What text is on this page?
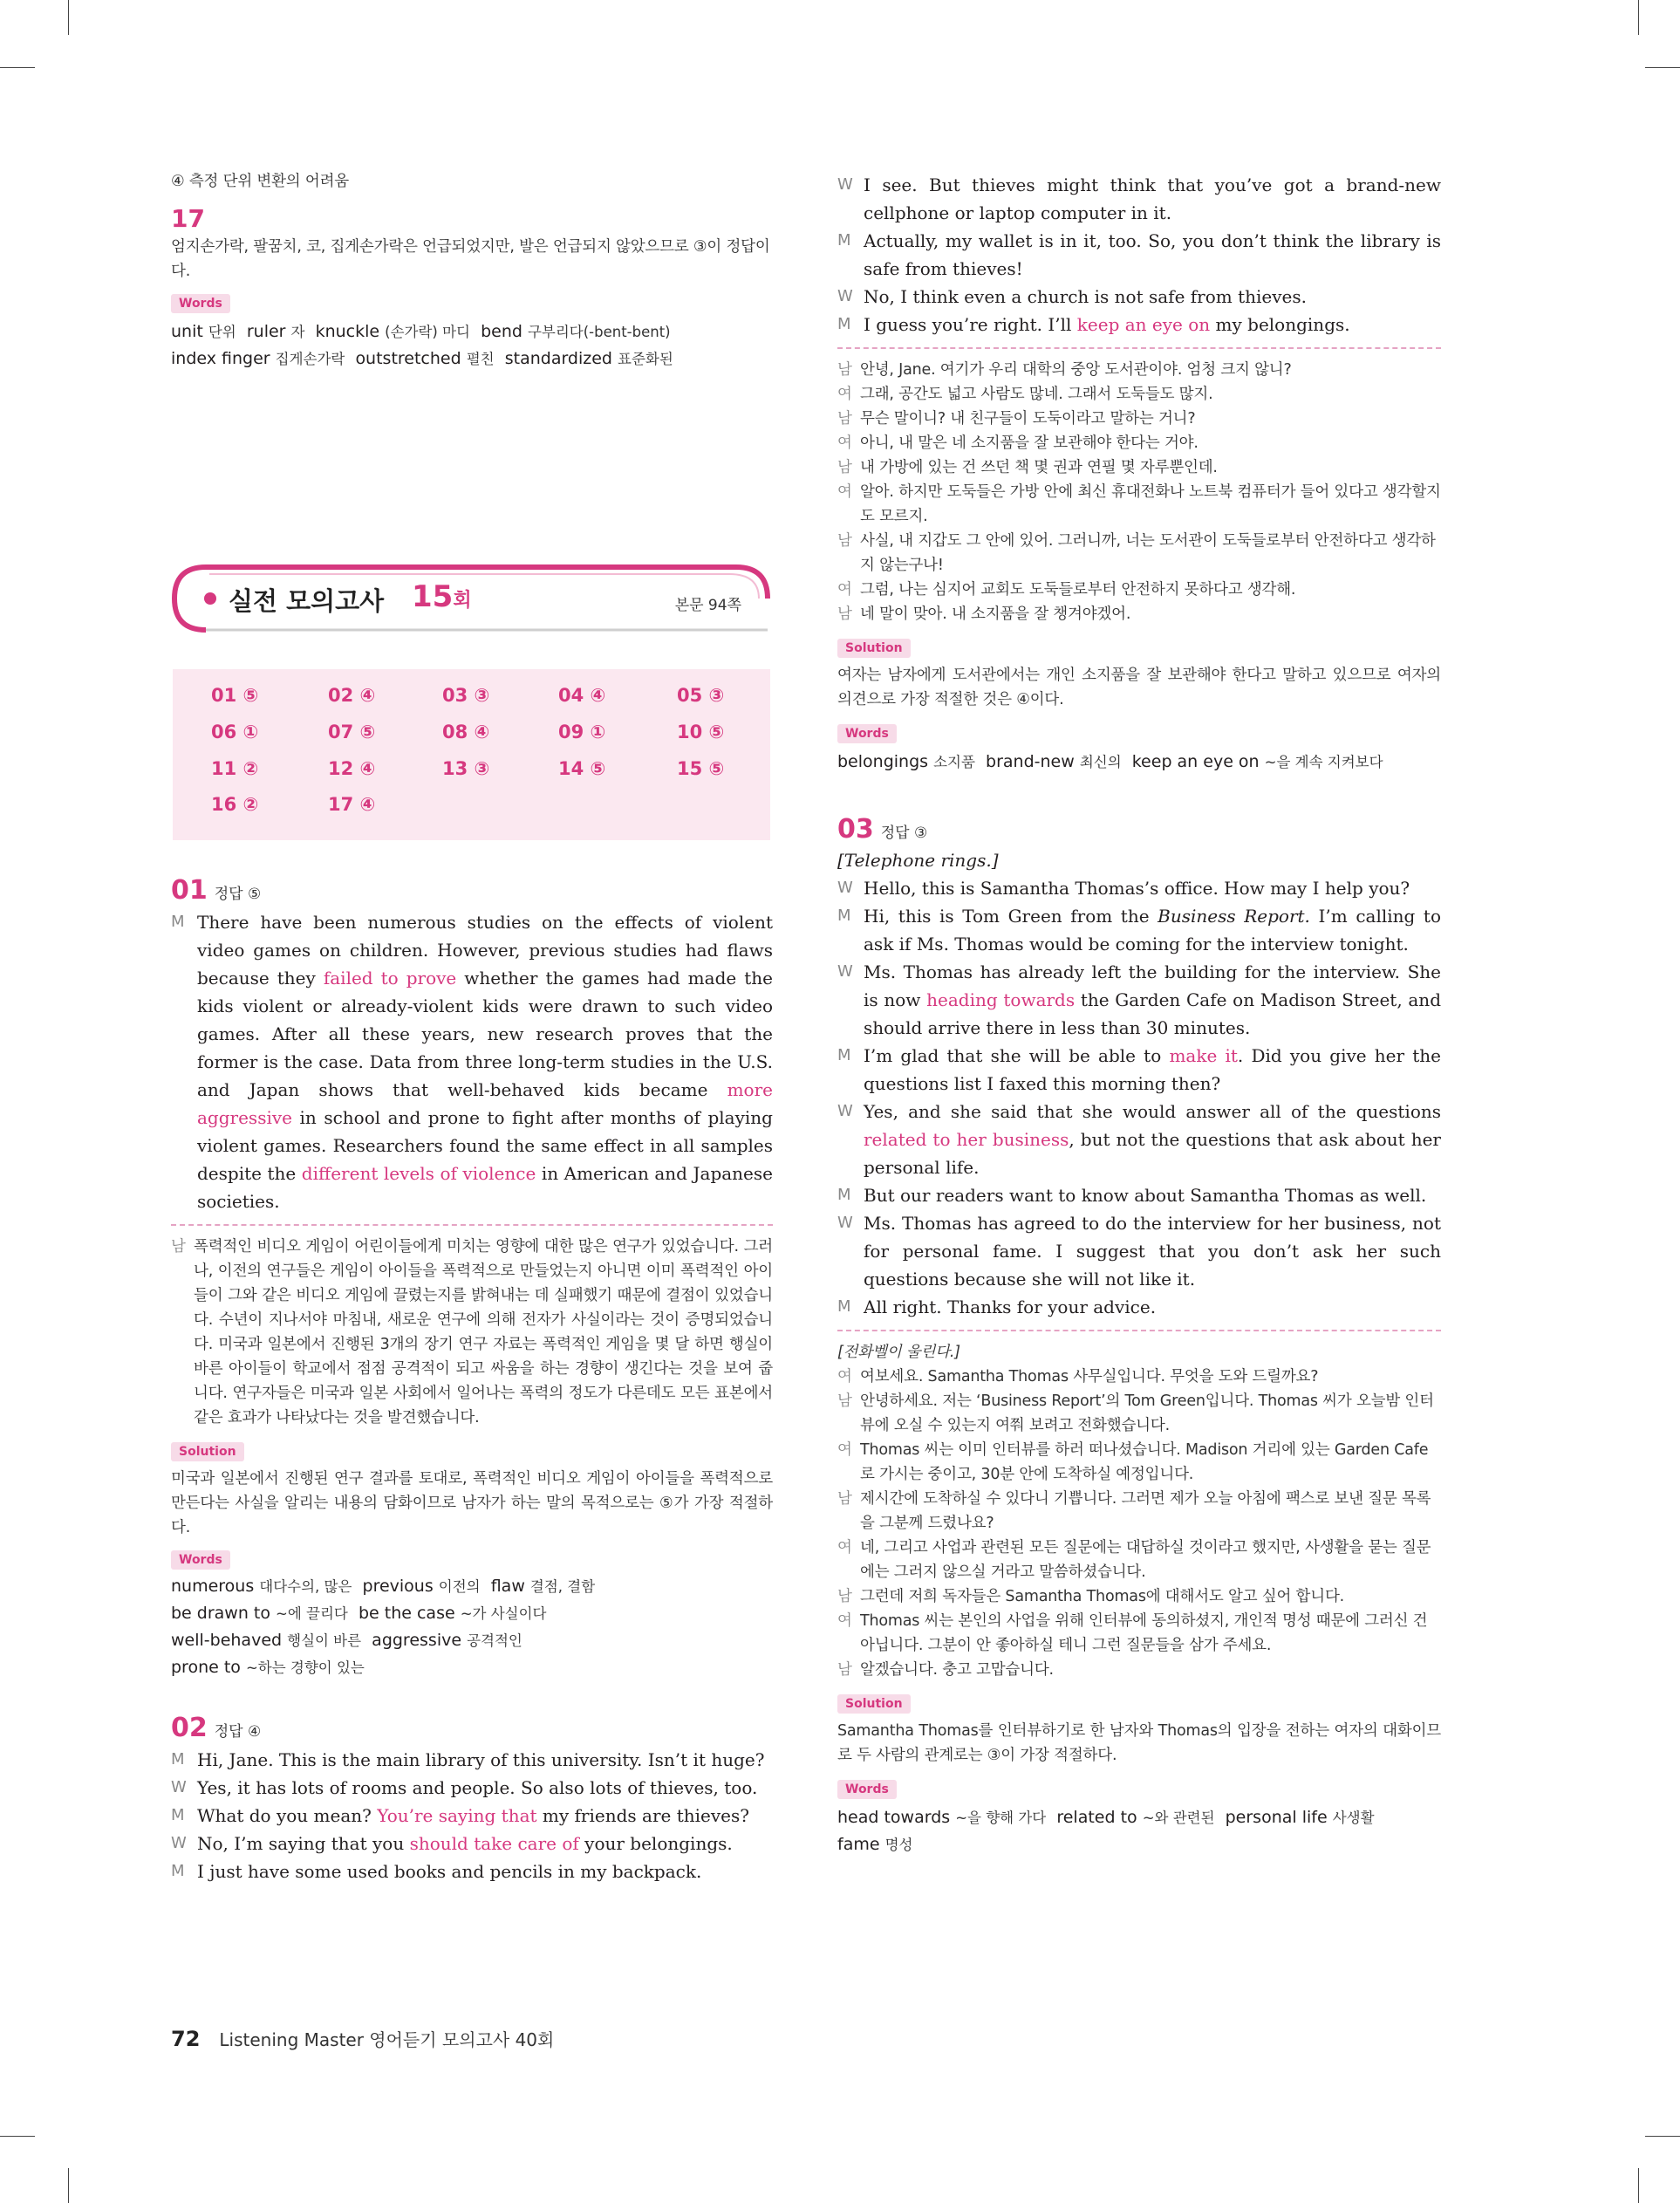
④ 측정 단위 변환의 어려움
17
엄지손가락, 팔꿈치, 코, 집게손가락은 언급되었지만, 발은 언급되지 않았으므로 ③이 정답이다.
Words
unit 단위 ruler 자 knuckle (손가락) 마디 bend 구부리다(-bent-bent)
index finger 집게손가락 outstretched 펼친 standardized 표준화된
실전 모의고사 15회	본문 94쪽
01 ⑤	02 ④	03 ③	04 ④	05 ③
06 ①	07 ⑤	08 ④	09 ①	10 ⑤
11 ②	12 ④	13 ③	14 ⑤	15 ⑤
16 ②	17 ④
01 정답 ⑤
M There have been numerous studies on the effects of violent video games on children. However, previous studies had flaws because they failed to prove whether the games had made the kids violent or already-violent kids were drawn to such video games. After all these years, new research proves that the former is the case. Data from three long-term studies in the U.S. and Japan shows that well-behaved kids became more aggressive in school and prone to fight after months of playing violent games. Researchers found the same effect in all samples despite the different levels of violence in American and Japanese societies.
남 폭력적인 비디오 게임이 어린이들에게 미치는 영향에 대한 많은 연구가 있었습니다. 그러나, 이전의 연구들은 게임이 아이들을 폭력적으로 만들었는지 아니면 이미 폭력적인 아이들이 그와 같은 비디오 게임에 끌렸는지를 밝혀내는 데 실패했기 때문에 결점이 있었습니다. 수년이 지나서야 마침내, 새로운 연구에 의해 전자가 사실이라는 것이 증명되었습니다. 미국과 일본에서 진행된 3개의 장기 연구 자료는 폭력적인 게임을 몇 달 하면 행실이 바른 아이들이 학교에서 점점 공격적이 되고 싸움을 하는 경향이 생긴다는 것을 보여 줍니다. 연구자들은 미국과 일본 사회에서 일어나는 폭력의 정도가 다른데도 모든 표본에서 같은 효과가 나타났다는 것을 발견했습니다.
Solution
미국과 일본에서 진행된 연구 결과를 토대로, 폭력적인 비디오 게임이 아이들을 폭력적으로 만든다는 사실을 알리는 내용의 담화이므로 남자가 하는 말의 목적으로는 ⑤가 가장 적절하다.
Words
numerous 대다수의, 많은 previous 이전의 flaw 결점, 결함
be drawn to ~에 끌리다 be the case ~가 사실이다
well-behaved 행실이 바른 aggressive 공격적인
prone to ~하는 경향이 있는
02 정답 ④
M Hi, Jane. This is the main library of this university. Isn’t it huge?
W Yes, it has lots of rooms and people. So also lots of thieves, too.
M What do you mean? You’re saying that my friends are thieves?
W No, I’m saying that you should take care of your belongings.
M I just have some used books and pencils in my backpack.
W I see. But thieves might think that you’ve got a brand-new cellphone or laptop computer in it.
M Actually, my wallet is in it, too. So, you don’t think the library is safe from thieves!
W No, I think even a church is not safe from thieves.
M I guess you’re right. I’ll keep an eye on my belongings.
남 안녕, Jane. 여기가 우리 대학의 중앙 도서관이야. 엄청 크지 않니?
여 그래, 공간도 넓고 사람도 많네. 그래서 도둑들도 많지.
남 무슨 말이니? 내 친구들이 도둑이라고 말하는 거니?
여 아니, 내 말은 네 소지품을 잘 보관해야 한다는 거야.
남 내 가방에 있는 건 쓰던 책 몇 권과 연필 몇 자루뿐인데.
여 알아. 하지만 도둑들은 가방 안에 최신 휴대전화나 노트북 컴퓨터가 들어 있다고 생각할지도 모르지.
남 사실, 내 지갑도 그 안에 있어. 그러니까, 너는 도서관이 도둑들로부터 안전하다고 생각하지 않는구나!
여 그럼, 나는 심지어 교회도 도둑들로부터 안전하지 못하다고 생각해.
남 네 말이 맞아. 내 소지품을 잘 챙겨야겠어.
Solution
여자는 남자에게 도서관에서는 개인 소지품을 잘 보관해야 한다고 말하고 있으므로 여자의 의견으로 가장 적절한 것은 ④이다.
Words
belongings 소지품 brand-new 최신의 keep an eye on ~을 계속 지켜보다
03 정답 ③
[Telephone rings.]
W Hello, this is Samantha Thomas’s office. How may I help you?
M Hi, this is Tom Green from the Business Report. I’m calling to ask if Ms. Thomas would be coming for the interview tonight.
W Ms. Thomas has already left the building for the interview. She is now heading towards the Garden Cafe on Madison Street, and should arrive there in less than 30 minutes.
M I’m glad that she will be able to make it. Did you give her the questions list I faxed this morning then?
W Yes, and she said that she would answer all of the questions related to her business, but not the questions that ask about her personal life.
M But our readers want to know about Samantha Thomas as well.
W Ms. Thomas has agreed to do the interview for her business, not for personal fame. I suggest that you don’t ask her such questions because she will not like it.
M All right. Thanks for your advice.
[전화벨이 울린다.]
여 여보세요. Samantha Thomas 사무실입니다. 무엇을 도와 드릴까요?
남 안녕하세요. 저는 ‘Business Report’의 Tom Green입니다. Thomas 씨가 오늘밤 인터뷰에 오실 수 있는지 여쭤 보려고 전화했습니다.
여 Thomas 씨는 이미 인터뷰를 하러 떠나셨습니다. Madison 거리에 있는 Garden Cafe로 가시는 중이고, 30분 안에 도착하실 예정입니다.
남 제시간에 도착하실 수 있다니 기쁩니다. 그러면 제가 오늘 아침에 팩스로 보낸 질문 목록을 그분께 드렸나요?
여 네, 그리고 사업과 관련된 모든 질문에는 대답하실 것이라고 했지만, 사생활을 묻는 질문에는 그러지 않으실 거라고 말씀하셨습니다.
남 그런데 저희 독자들은 Samantha Thomas에 대해서도 알고 싶어 합니다.
여 Thomas 씨는 본인의 사업을 위해 인터뷰에 동의하셨지, 개인적 명성 때문에 그러신 건 아닙니다. 그분이 안 좋아하실 테니 그런 질문들을 삼가 주세요.
남 알겠습니다. 충고 고맙습니다.
Solution
Samantha Thomas를 인터뷰하기로 한 남자와 Thomas의 입장을 전하는 여자의 대화이므로 두 사람의 관계로는 ③이 가장 적절하다.
Words
head towards ~을 향해 가다 related to ~와 관련된 personal life 사생활
fame 명성
72 Listening Master 영어듣기 모의고사 40회
